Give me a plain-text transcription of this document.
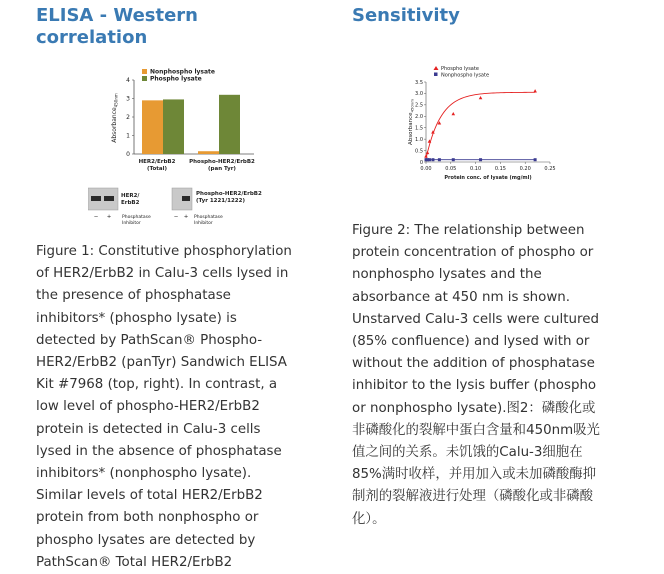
ELISA - Western
correlation
Absorbance$_{450nm}$
0
1
2
3
4
Nonphospho lysate
Phospho lysate
HER2/ErbB2
(Total)
Phospho-HER2/ErbB2
(pan Tyr)
HER2/
ErbB2
Phospho-HER2/ErbB2
(Tyr 1221/1222)
− +	− +
Phosphatase
Inhibitor
Phosphatase
Inhibitor

Figure 1: Constitutive phosphorylation
of HER2/ErbB2 in Calu-3 cells lysed in
the presence of phosphatase
inhibitors* (phospho lysate) is
detected by PathScan® Phospho-
HER2/ErbB2 (panTyr) Sandwich ELISA
Kit #7968 (top, right). In contrast, a
low level of phospho-HER2/ErbB2
protein is detected in Calu-3 cells
lysed in the absence of phosphatase
inhibitors* (nonphospho lysate).
Similar levels of total HER2/ErbB2
protein from both nonphospho or
phospho lysates are detected by
PathScan® Total HER2/ErbB2

Sensitivity
Absorbance$_{450nm}$
Protein conc. of lysate (mg/ml)
0
0.5
1.0
1.5
2.0
2.5
3.0
3.5
0.00	0.05	0.10	0.15	0.20	0.25
Phospho lysate
Nonphospho lysate

Figure 2: The relationship between
protein concentration of phospho or
nonphospho lysates and the
absorbance at 450 nm is shown.
Unstarved Calu-3 cells were cultured
(85% confluence) and lysed with or
without the addition of phosphatase
inhibitor to the lysis buffer (phospho
or nonphospho lysate).图2：磷酸化或
非磷酸化的裂解中蛋白含量和450nm吸光
值之间的关系。未饥饿的Calu-3细胞在
85%满时收样，并用加入或未加磷酸酶抑
制剂的裂解液进行处理（磷酸化或非磷酸
化）。
